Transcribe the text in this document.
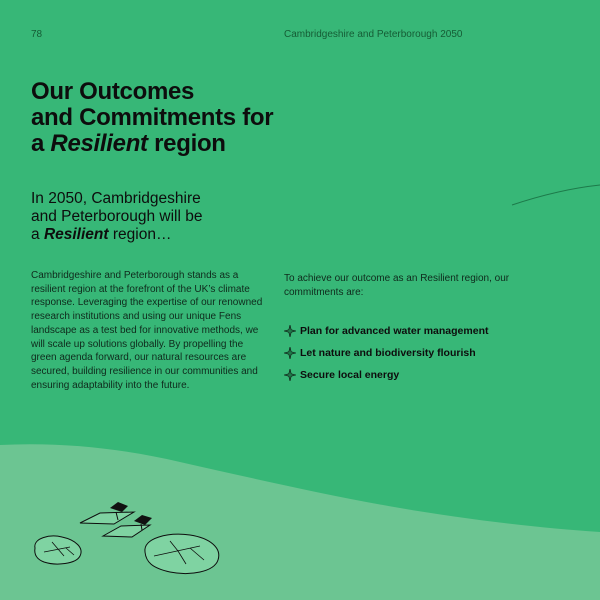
78	Cambridgeshire and Peterborough 2050
Our Outcomes
and Commitments for
a Resilient region

In 2050, Cambridgeshire
and Peterborough will be
a Resilient region…

Cambridgeshire and Peterborough stands as a resilient region at the forefront of the UK’s climate response. Leveraging the expertise of our renowned research institutions and using our unique Fens landscape as a test bed for innovative methods, we will scale up solutions globally. By propelling the green agenda forward, our natural resources are secured, building resilience in our communities and ensuring adaptability into the future.

To achieve our outcome as an Resilient region, our commitments are:

Plan for advanced water management
Let nature and biodiversity flourish
Secure local energy
